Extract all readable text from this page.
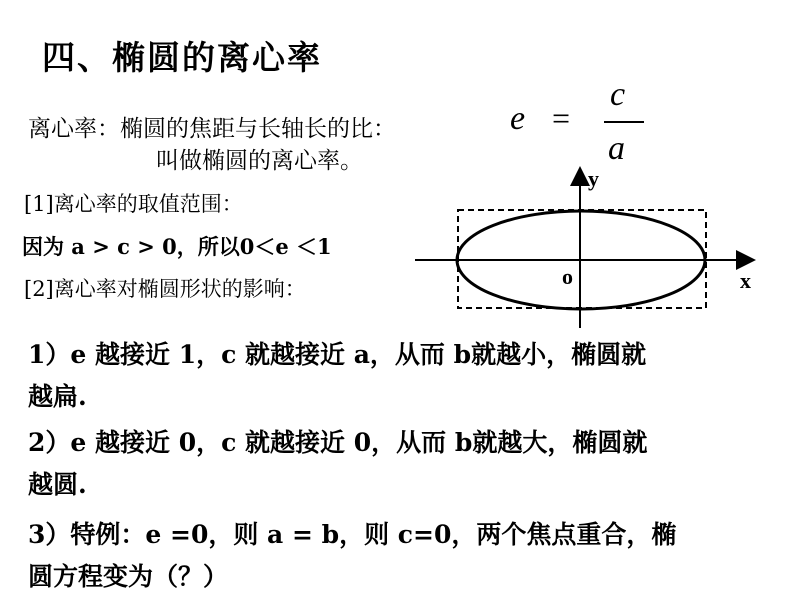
四、椭圆的离心率
离心率：椭圆的焦距与长轴长的比：
叫做椭圆的离心率。
e =
c
a
[1]离心率的取值范围：
因为 a > c > 0，所以0＜e ＜1
[2]离心率对椭圆形状的影响：
y
x
o
1）e 越接近 1，c 就越接近 a，从而 b就越小，椭圆就
越扁.
2）e 越接近 0，c 就越接近 0，从而 b就越大，椭圆就
越圆.
3）特例：e =0，则 a = b，则 c=0，两个焦点重合，椭
圆方程变为（？）
